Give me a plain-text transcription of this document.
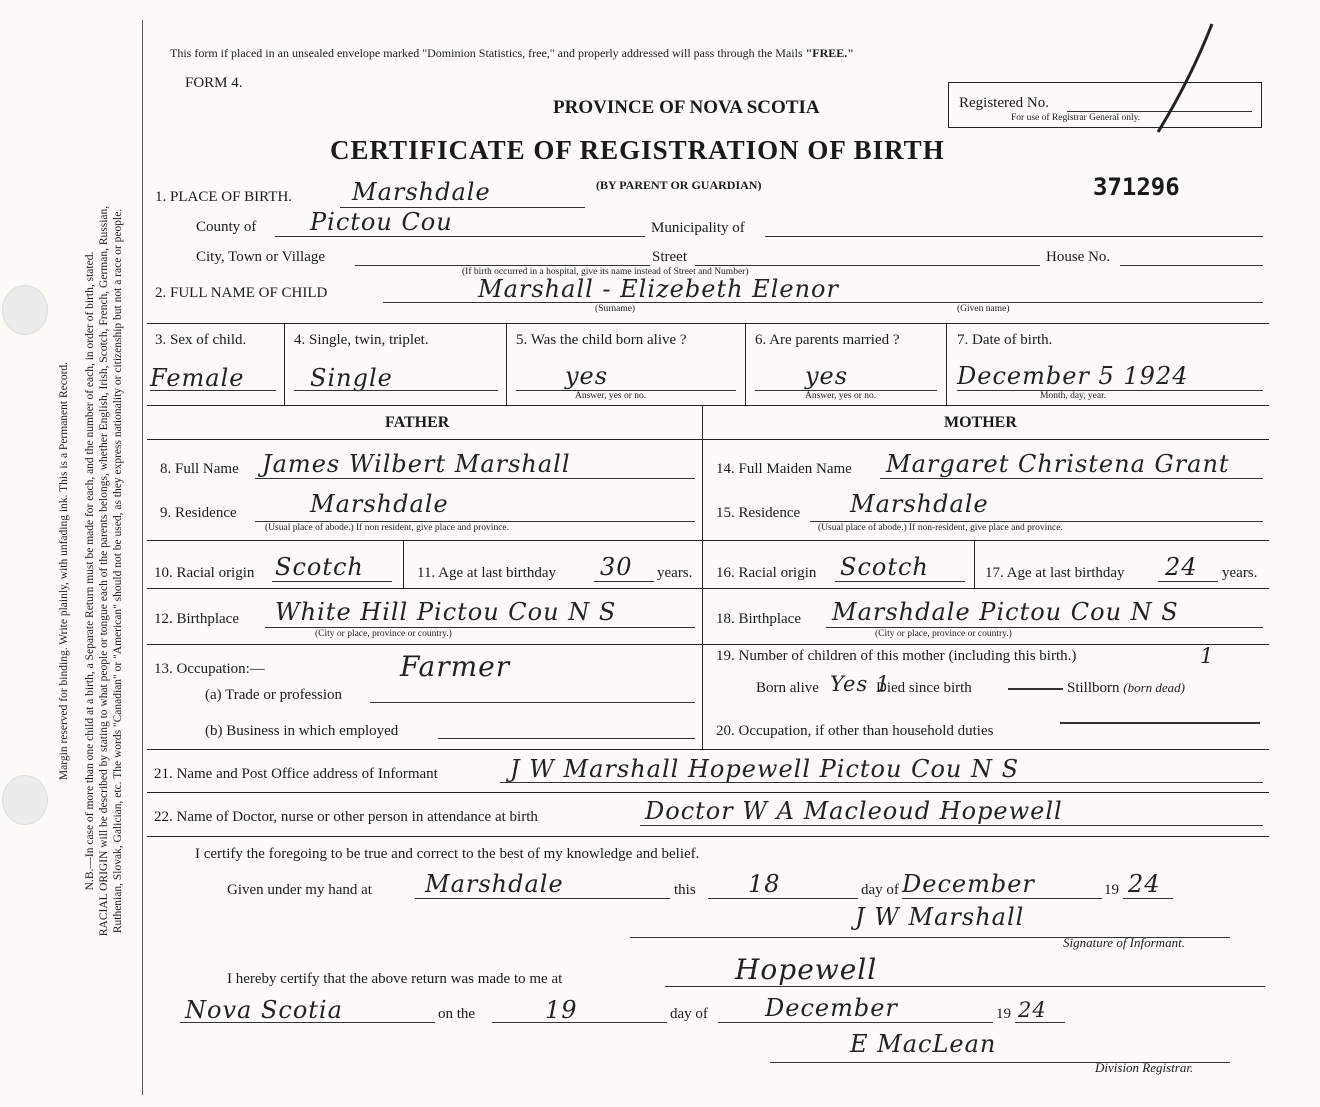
Margin reserved for binding. Write plainly, with unfading ink. This is a Permanent Record. N.B.—In case of more than one child at a birth, a Separate Return must be made for each, and the number of each, in order of birth, stated. RACIAL ORIGIN will be described by stating to what people or tongue each of the parents belongs, whether English, Irish, Scotch, French, German, Russian, Ruthenian, Slovak, Galician, etc. The words "Canadian" or "American" should not be used, as they express nationality or citizenship but not a race or people.
This form if placed in an unsealed envelope marked "Dominion Statistics, free," and properly addressed will pass through the Mails "FREE."
FORM 4.
PROVINCE OF NOVA SCOTIA
CERTIFICATE OF REGISTRATION OF BIRTH
(BY PARENT OR GUARDIAN)
Registered No.
For use of Registrar General only.
371296
1. PLACE OF BIRTH. Marshdale
County of Pictou Cou	Municipality of
City, Town or Village	Street	House No.
(If birth occurred in a hospital, give its name instead of Street and Number)
2. FULL NAME OF CHILD	Marshall - Elizebeth Elenor
(Surname)	(Given name)
3. Sex of child.
Female
4. Single, twin, triplet.
Single
5. Was the child born alive ?
yes
Answer, yes or no.
6. Are parents married ?
yes
Answer, yes or no.
7. Date of birth.
December 5 1924
Month, day, year.
FATHER	MOTHER
8. Full Name James Wilbert Marshall
9. Residence	Marshdale
(Usual place of abode.) If non resident, give place and province.
10. Racial origin Scotch	11. Age at last birthday 30 years.
12. Birthplace White Hill Pictou Cou N S
(City or place, province or country.)
13. Occupation:—	Farmer
(a) Trade or profession
(b) Business in which employed
14. Full Maiden Name Margaret Christena Grant
15. Residence Marshdale
(Usual place of abode.) If non-resident, give place and province.
16. Racial origin Scotch	17. Age at last birthday 24 years.
18. Birthplace Marshdale Pictou Cou N S
(City or place, province or country.)
19. Number of children of this mother (including this birth.)	1
Born alive Yes 1
Died since birth	Stillborn (born dead)
20. Occupation, if other than household duties
21. Name and Post Office address of Informant	J W Marshall Hopewell Pictou Cou N S
22. Name of Doctor, nurse or other person in attendance at birth	Doctor W A Macleoud Hopewell
I certify the foregoing to be true and correct to the best of my knowledge and belief.
Given under my hand at Marshdale	this 18	day of December	19 24
J W Marshall
Signature of Informant.
I hereby certify that the above return was made to me at	Hopewell
Nova Scotia	on the	19	day of December	19 24
E MacLean
Division Registrar.
